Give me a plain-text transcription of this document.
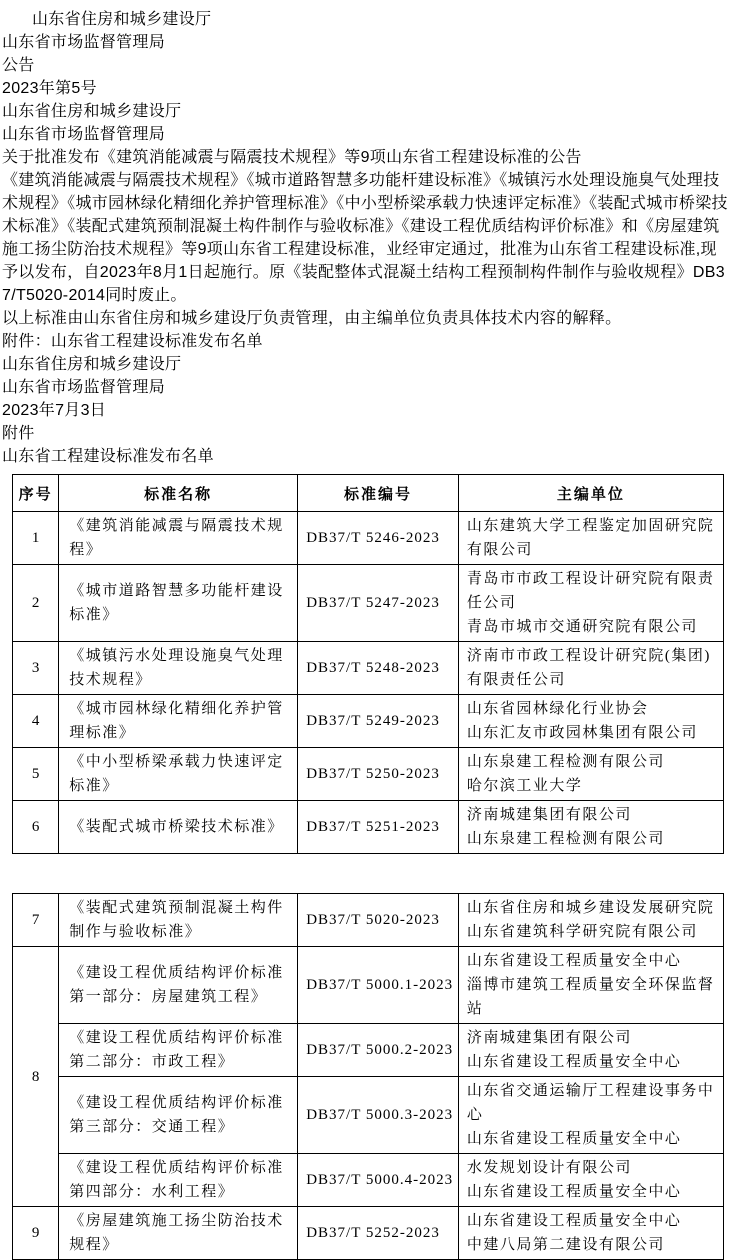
山东省住房和城乡建设厅

山东省市场监督管理局

公告

2023年第5号

山东省住房和城乡建设厅

山东省市场监督管理局

关于批准发布《建筑消能减震与隔震技术规程》等9项山东省工程建设标准的公告

《建筑消能减震与隔震技术规程》《城市道路智慧多功能杆建设标准》《城镇污水处理设施臭气处理技术规程》《城市园林绿化精细化养护管理标准》《中小型桥梁承载力快速评定标准》《装配式城市桥梁技术标准》《装配式建筑预制混凝土构件制作与验收标准》《建设工程优质结构评价标准》和《房屋建筑施工扬尘防治技术规程》等9项山东省工程建设标准，业经审定通过，批准为山东省工程建设标准,现予以发布，自2023年8月1日起施行。原《装配整体式混凝土结构工程预制构件制作与验收规程》DB37/T5020-2014同时废止。

以上标准由山东省住房和城乡建设厅负责管理，由主编单位负责具体技术内容的解释。

附件：山东省工程建设标准发布名单

山东省住房和城乡建设厅

山东省市场监督管理局

2023年7月3日

附件

山东省工程建设标准发布名单

序号	标准名称	标准编号	主编单位
1	《建筑消能减震与隔震技术规程》	DB37/T 5246-2023	山东建筑大学工程鉴定加固研究院有限公司

2	《城市道路智慧多功能杆建设标准》	DB37/T 5247-2023	青岛市市政工程设计研究院有限责任公司
青岛市城市交通研究院有限公司

3	《城镇污水处理设施臭气处理技术规程》	DB37/T 5248-2023	济南市市政工程设计研究院(集团)有限责任公司

4	《城市园林绿化精细化养护管理标准》	DB37/T 5249-2023	山东省园林绿化行业协会
山东汇友市政园林集团有限公司

5	《中小型桥梁承载力快速评定标准》	DB37/T 5250-2023	山东泉建工程检测有限公司
哈尔滨工业大学

6	《装配式城市桥梁技术标准》	DB37/T 5251-2023	济南城建集团有限公司
山东泉建工程检测有限公司
7	《装配式建筑预制混凝土构件制作与验收标准》	DB37/T 5020-2023	山东省住房和城乡建设发展研究院
山东省建筑科学研究院有限公司

8	《建设工程优质结构评价标准 第一部分：房屋建筑工程》	DB37/T 5000.1-2023	山东省建设工程质量安全中心
淄博市建筑工程质量安全环保监督站

	《建设工程优质结构评价标准 第二部分：市政工程》	DB37/T 5000.2-2023	济南城建集团有限公司
山东省建设工程质量安全中心

	《建设工程优质结构评价标准 第三部分：交通工程》	DB37/T 5000.3-2023	山东省交通运输厅工程建设事务中心
山东省建设工程质量安全中心

	《建设工程优质结构评价标准 第四部分：水利工程》	DB37/T 5000.4-2023	水发规划设计有限公司
山东省建设工程质量安全中心

9	《房屋建筑施工扬尘防治技术规程》	DB37/T 5252-2023	山东省建设工程质量安全中心
中建八局第二建设有限公司
